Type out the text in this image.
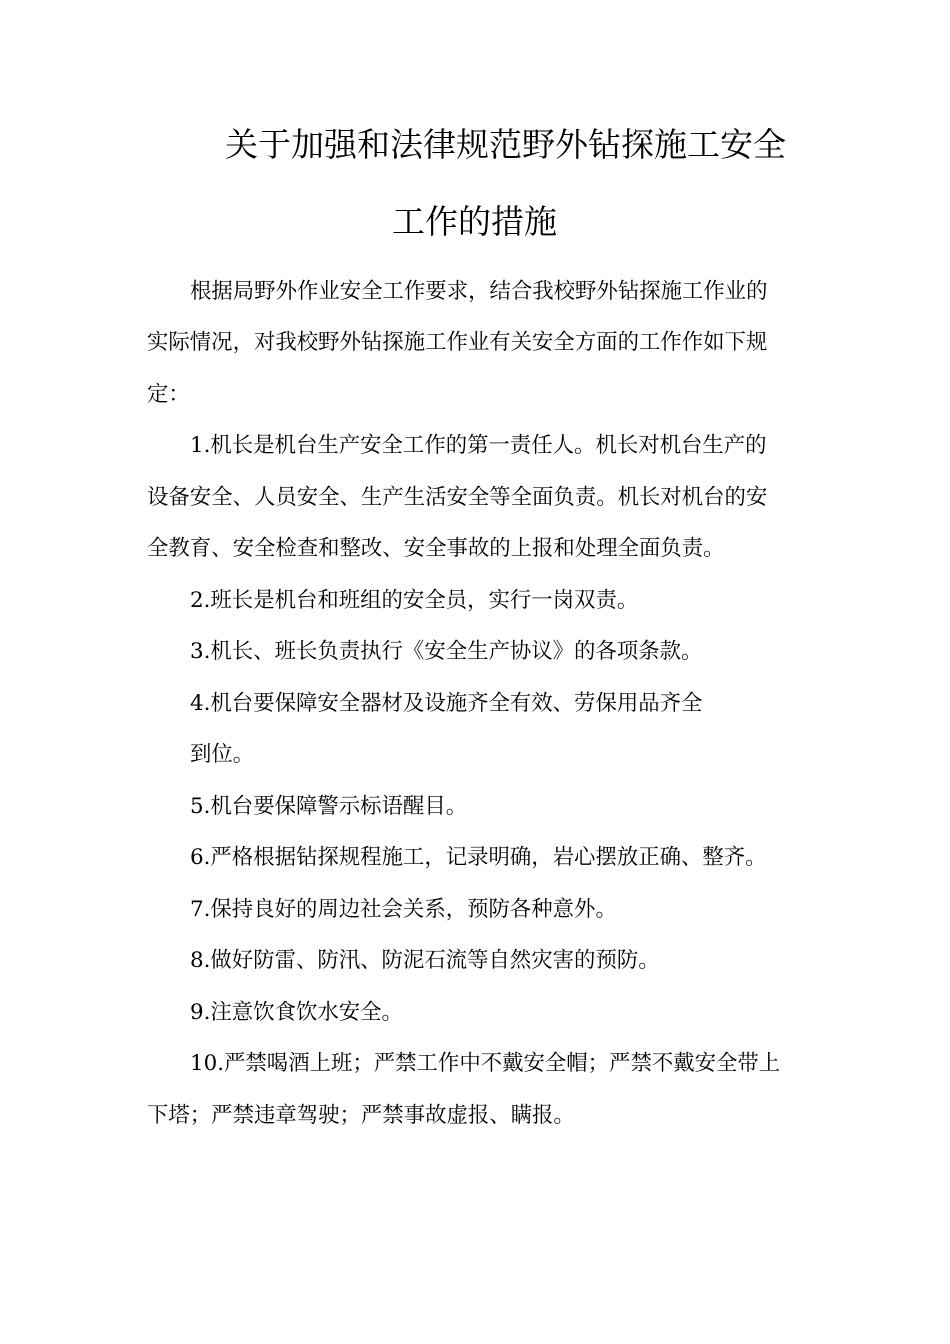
关于加强和法律规范野外钻探施工安全
工作的措施
根据局野外作业安全工作要求，结合我校野外钻探施工作业的
实际情况，对我校野外钻探施工作业有关安全方面的工作作如下规
定：
1.机长是机台生产安全工作的第一责任人。机长对机台生产的
设备安全、人员安全、生产生活安全等全面负责。机长对机台的安
全教育、安全检查和整改、安全事故的上报和处理全面负责。
2.班长是机台和班组的安全员，实行一岗双责。
3.机长、班长负责执行《安全生产协议》的各项条款。
4.机台要保障安全器材及设施齐全有效、劳保用品齐全
到位。
5.机台要保障警示标语醒目。
6.严格根据钻探规程施工，记录明确，岩心摆放正确、整齐。
7.保持良好的周边社会关系，预防各种意外。
8.做好防雷、防汛、防泥石流等自然灾害的预防。
9.注意饮食饮水安全。
10.严禁喝酒上班；严禁工作中不戴安全帽；严禁不戴安全带上
下塔；严禁违章驾驶；严禁事故虚报、瞒报。
